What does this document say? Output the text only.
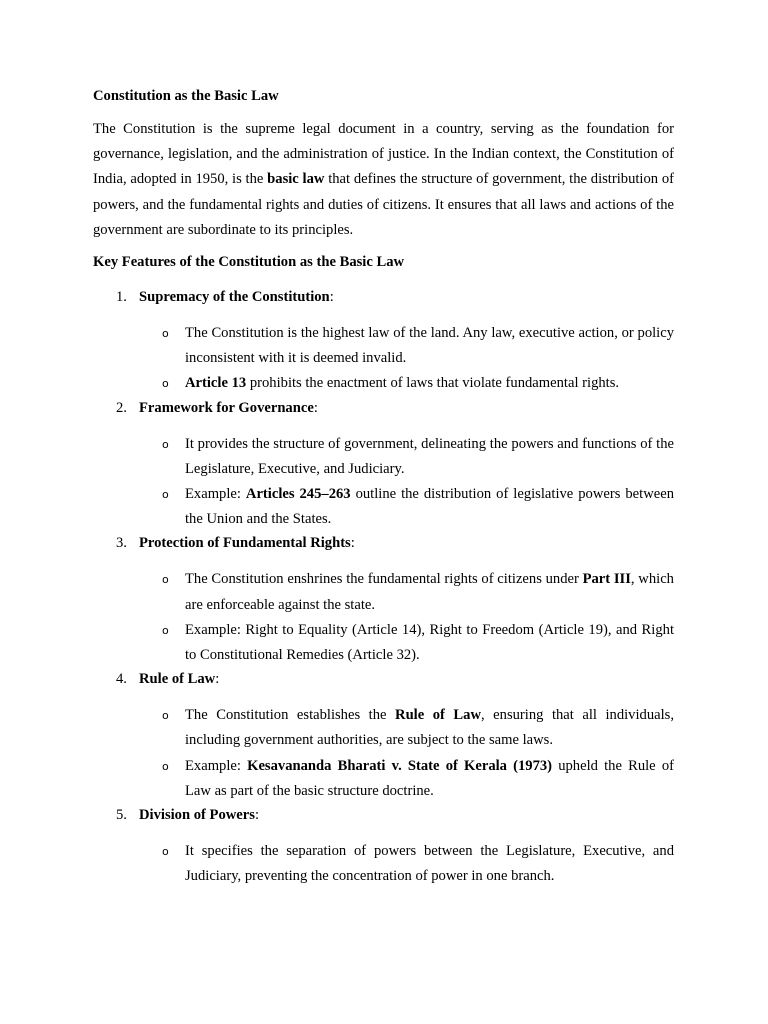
Constitution as the Basic Law

The Constitution is the supreme legal document in a country, serving as the foundation for governance, legislation, and the administration of justice. In the Indian context, the Constitution of India, adopted in 1950, is the basic law that defines the structure of government, the distribution of powers, and the fundamental rights and duties of citizens. It ensures that all laws and actions of the government are subordinate to its principles.

Key Features of the Constitution as the Basic Law
1. Supremacy of the Constitution:
o The Constitution is the highest law of the land. Any law, executive action, or policy inconsistent with it is deemed invalid.
o Article 13 prohibits the enactment of laws that violate fundamental rights.
2. Framework for Governance:
o It provides the structure of government, delineating the powers and functions of the Legislature, Executive, and Judiciary.
o Example: Articles 245–263 outline the distribution of legislative powers between the Union and the States.
3. Protection of Fundamental Rights:
o The Constitution enshrines the fundamental rights of citizens under Part III, which are enforceable against the state.
o Example: Right to Equality (Article 14), Right to Freedom (Article 19), and Right to Constitutional Remedies (Article 32).
4. Rule of Law:
o The Constitution establishes the Rule of Law, ensuring that all individuals, including government authorities, are subject to the same laws.
o Example: Kesavananda Bharati v. State of Kerala (1973) upheld the Rule of Law as part of the basic structure doctrine.
5. Division of Powers:
o It specifies the separation of powers between the Legislature, Executive, and Judiciary, preventing the concentration of power in one branch.
